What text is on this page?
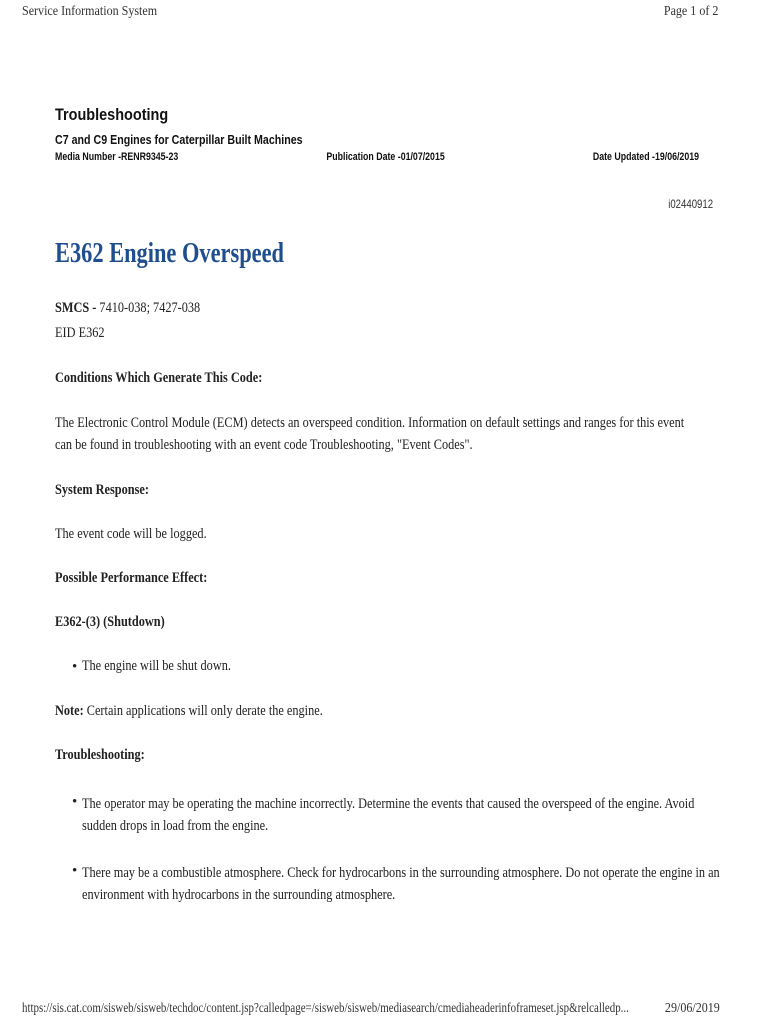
Service Information System	Page 1 of 2
Troubleshooting
C7 and C9 Engines for Caterpillar Built Machines
Media Number -RENR9345-23	Publication Date -01/07/2015	Date Updated -19/06/2019
i02440912
E362 Engine Overspeed
SMCS - 7410-038; 7427-038
EID E362
Conditions Which Generate This Code:
The Electronic Control Module (ECM) detects an overspeed condition. Information on default settings and ranges for this event can be found in troubleshooting with an event code Troubleshooting, "Event Codes".
System Response:
The event code will be logged.
Possible Performance Effect:
E362-(3) (Shutdown)
• The engine will be shut down.
Note: Certain applications will only derate the engine.
Troubleshooting:
• The operator may be operating the machine incorrectly. Determine the events that caused the overspeed of the engine. Avoid sudden drops in load from the engine.
• There may be a combustible atmosphere. Check for hydrocarbons in the surrounding atmosphere. Do not operate the engine in an environment with hydrocarbons in the surrounding atmosphere.
https://sis.cat.com/sisweb/sisweb/techdoc/content.jsp?calledpage=/sisweb/sisweb/mediasearch/cmediaheaderinfoframeset.jsp&relcalledp...	29/06/2019
